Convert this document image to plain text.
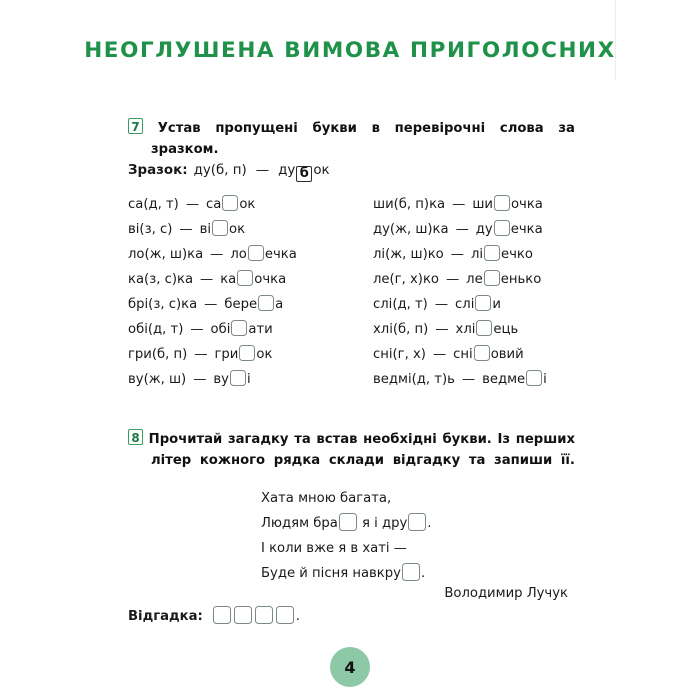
НЕОГЛУШЕНА ВИМОВА ПРИГОЛОСНИХ
7 Устав пропущені букви в перевірочні слова за
зразком.
Зразок: ду(б, п) — ду б ок
са(д, т) — са ок
ві(з, с) — ві ок
ло(ж, ш)ка — ло ечка
ка(з, с)ка — ка очка
брі(з, с)ка — бере а
обі(д, т) — обі ати
гри(б, п) — гри ок
ву(ж, ш) — ву і
ши(б, п)ка — ши очка
ду(ж, ш)ка — ду ечка
лі(ж, ш)ко — лі ечко
ле(г, х)ко — ле енько
слі(д, т) — слі и
хлі(б, п) — хлі ець
сні(г, х) — сні овий
ведмі(д, т)ь — ведме і
8 Прочитай загадку та встав необхідні букви. Із перших
літер кожного рядка склади відгадку та запиши її.
Хата мною багата,
Людям бра я і дру .
І коли вже я в хаті —
Буде й пісня навкру .
Володимир Лучук
Відгадка:	.
4
